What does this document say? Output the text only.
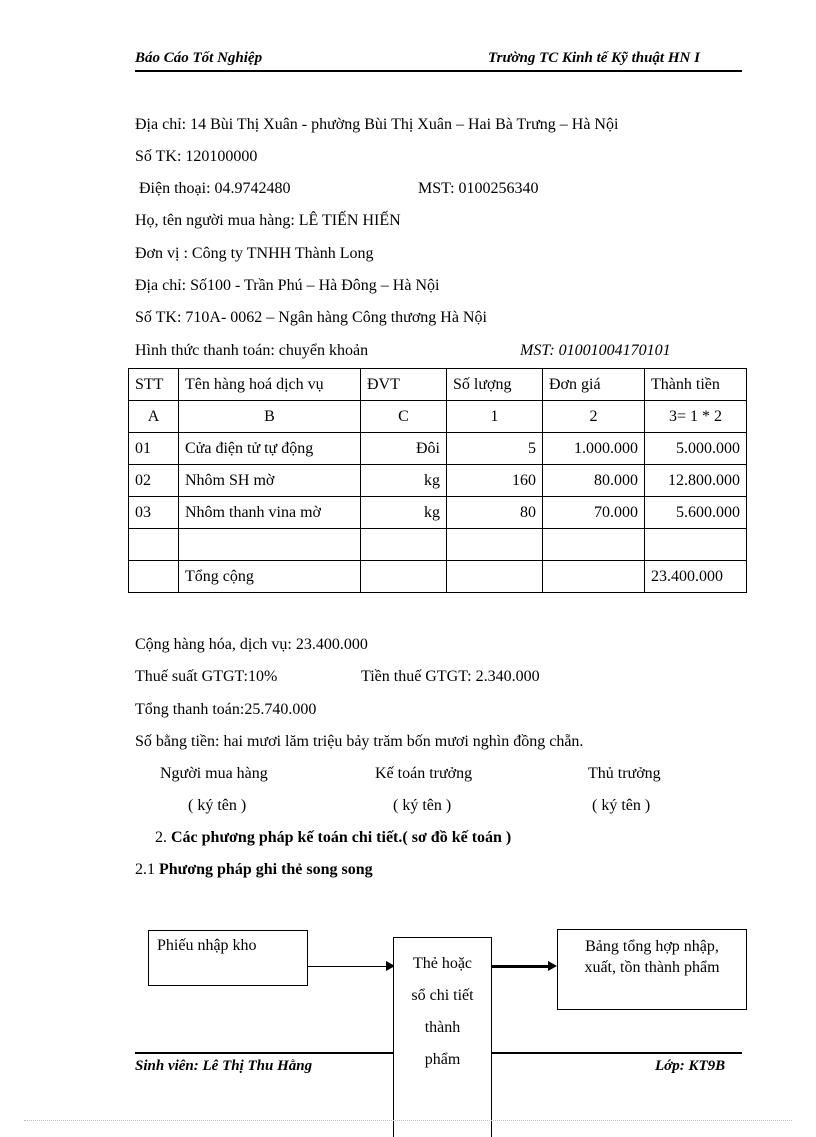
Báo Cáo Tốt Nghiệp	Trường TC Kinh tế Kỹ thuật HN I
Địa chỉ: 14 Bùi Thị Xuân - phường Bùi Thị Xuân – Hai Bà Trưng – Hà Nội
Số TK: 120100000
Điện thoại: 04.9742480	MST: 0100256340
Họ, tên người mua hàng: LÊ TIẾN HIẾN
Đơn vị : Công ty TNHH Thành Long
Địa chỉ: Số100 - Trần Phú – Hà Đông – Hà Nội
Số TK: 710A- 0062 – Ngân hàng Công thương Hà Nội
Hình thức thanh toán: chuyển khoản	MST: 0100100417010​1
STT	Tên hàng hoá dịch vụ	ĐVT	Số lượng	Đơn giá	Thành tiền
A	B	C	1	2	3= 1 * 2
01	Cửa điện tử tự động	Đôi	5	1.000.000	5.000.000
02	Nhôm SH mờ	kg	160	80.000	12.800.000
03	Nhôm thanh vina mờ	kg	80	70.000	5.600.000

	Tổng cộng				23.400.000
Cộng hàng hóa, dịch vụ: 23.400.000
Thuế suất GTGT:10%	Tiền thuế GTGT: 2.340.000
Tổng thanh toán:25.740.000
Số bằng tiền: hai mươi lăm triệu bảy trăm bốn mươi nghìn đồng chẵn.
Người mua hàng	Kế toán trưởng	Thủ trưởng
( ký tên )	( ký tên )	( ký tên )
2. Các phương pháp kế toán chi tiết.( sơ đồ kế toán )
2.1 Phương pháp ghi thẻ song song
Phiếu nhập kho	Bảng tổng hợp nhập,
xuất, tồn thành phẩm
Thẻ hoặc
sổ chi tiết
thành
phẩm
Sinh viên: Lê Thị Thu Hằng	Lớp: KT9B
